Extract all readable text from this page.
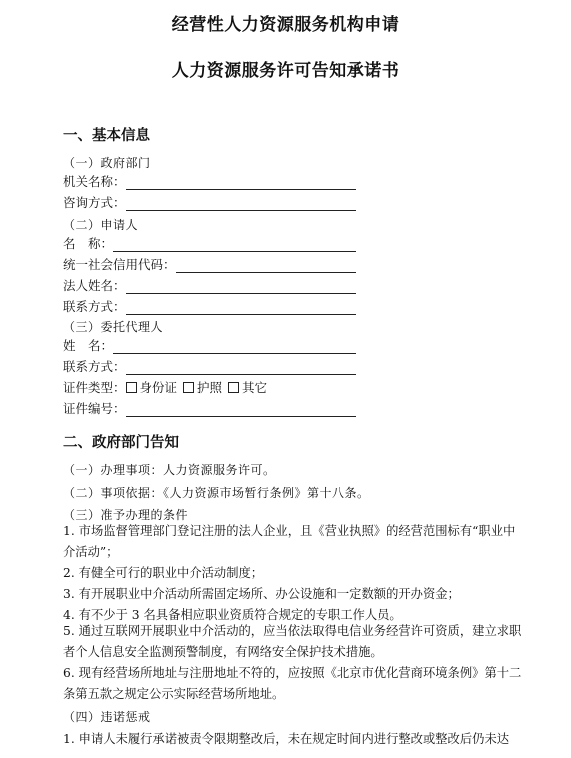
经营性人力资源服务机构申请
人力资源服务许可告知承诺书
一、基本信息
（一）政府部门
机关名称：
咨询方式：
（二）申请人
名　称：
统一社会信用代码：
法人姓名：
联系方式：
（三）委托代理人
姓　名：
联系方式：
证件类型： 身份证 护照 其它
证件编号：
二、政府部门告知
（一）办理事项：人力资源服务许可。
（二）事项依据：《人力资源市场暂行条例》第十八条。
（三）准予办理的条件
1. 市场监督管理部门登记注册的法人企业，且《营业执照》的经营范围标有“职业中介活动”；
2. 有健全可行的职业中介活动制度；
3. 有开展职业中介活动所需固定场所、办公设施和一定数额的开办资金；
4. 有不少于 3 名具备相应职业资质符合规定的专职工作人员。
5. 通过互联网开展职业中介活动的，应当依法取得电信业务经营许可资质，建立求职者个人信息安全监测预警制度，有网络安全保护技术措施。
6. 现有经营场所地址与注册地址不符的，应按照《北京市优化营商环境条例》第十二条第五款之规定公示实际经营场所地址。
（四）违诺惩戒
1. 申请人未履行承诺被责令限期整改后，未在规定时间内进行整改或整改后仍未达
